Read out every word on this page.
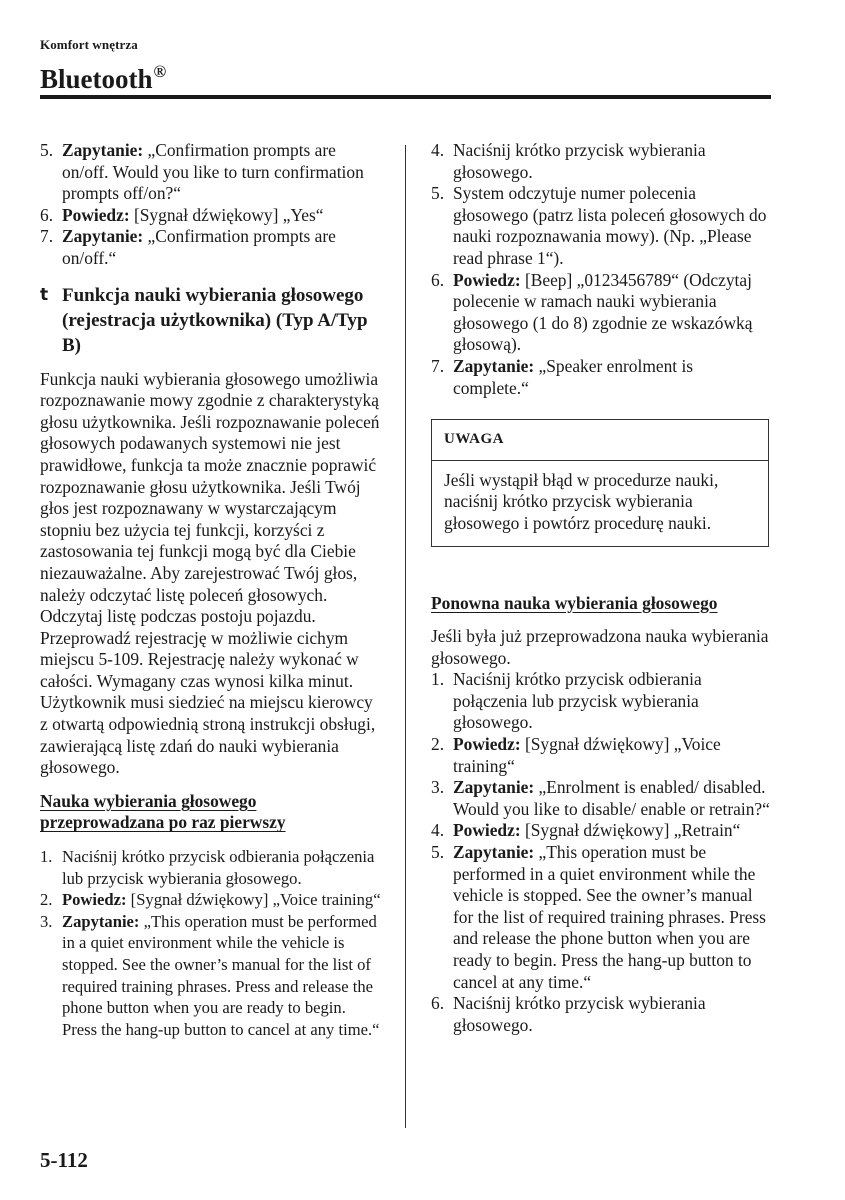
Komfort wnętrza
Bluetooth®
5. Zapytanie: „Confirmation prompts are on/off. Would you like to turn confirmation prompts off/on?“
6. Powiedz: [Sygnał dźwiękowy] „Yes“
7. Zapytanie: „Confirmation prompts are on/off.“
t Funkcja nauki wybierania głosowego (rejestracja użytkownika) (Typ A/Typ B)

Funkcja nauki wybierania głosowego umożliwia rozpoznawanie mowy zgodnie z charakterystyką głosu użytkownika. Jeśli rozpoznawanie poleceń głosowych podawanych systemowi nie jest prawidłowe, funkcja ta może znacznie poprawić rozpoznawanie głosu użytkownika. Jeśli Twój głos jest rozpoznawany w wystarczającym stopniu bez użycia tej funkcji, korzyści z zastosowania tej funkcji mogą być dla Ciebie niezauważalne. Aby zarejestrować Twój głos, należy odczytać listę poleceń głosowych. Odczytaj listę podczas postoju pojazdu. Przeprowadź rejestrację w możliwie cichym miejscu 5-109. Rejestrację należy wykonać w całości. Wymagany czas wynosi kilka minut. Użytkownik musi siedzieć na miejscu kierowcy z otwartą odpowiednią stroną instrukcji obsługi, zawierającą listę zdań do nauki wybierania głosowego.

Nauka wybierania głosowego
przeprowadzana po raz pierwszy
1. Naciśnij krótko przycisk odbierania połączenia lub przycisk wybierania głosowego.
2. Powiedz: [Sygnał dźwiękowy] „Voice training“
3. Zapytanie: „This operation must be performed in a quiet environment while the vehicle is stopped. See the owner’s manual for the list of required training phrases. Press and release the phone button when you are ready to begin. Press the hang-up button to cancel at any time.“
4. Naciśnij krótko przycisk wybierania głosowego.
5. System odczytuje numer polecenia głosowego (patrz lista poleceń głosowych do nauki rozpoznawania mowy). (Np. „Please read phrase 1“).
6. Powiedz: [Beep] „0123456789“ (Odczytaj polecenie w ramach nauki wybierania głosowego (1 do 8) zgodnie ze wskazówką głosową).
7. Zapytanie: „Speaker enrolment is complete.“
UWAGA
Jeśli wystąpił błąd w procedurze nauki, naciśnij krótko przycisk wybierania głosowego i powtórz procedurę nauki.
Ponowna nauka wybierania głosowego

Jeśli była już przeprowadzona nauka wybierania głosowego.

1. Naciśnij krótko przycisk odbierania połączenia lub przycisk wybierania głosowego.
2. Powiedz: [Sygnał dźwiękowy] „Voice training“
3. Zapytanie: „Enrolment is enabled/ disabled. Would you like to disable/ enable or retrain?“
4. Powiedz: [Sygnał dźwiękowy] „Retrain“
5. Zapytanie: „This operation must be performed in a quiet environment while the vehicle is stopped. See the owner’s manual for the list of required training phrases. Press and release the phone button when you are ready to begin. Press the hang-up button to cancel at any time.“
6. Naciśnij krótko przycisk wybierania głosowego.
5-112
